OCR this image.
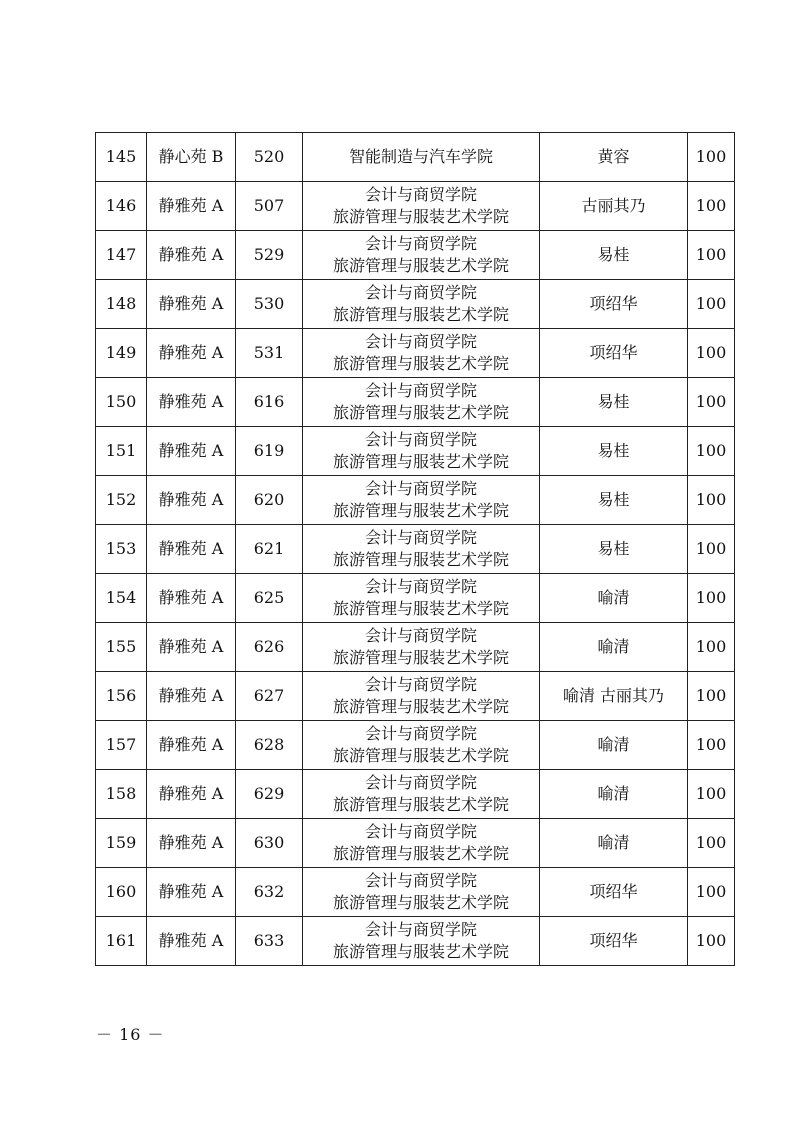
145	静心苑 B	520	智能制造与汽车学院	黄容	100
146	静雅苑 A	507	会计与商贸学院
旅游管理与服装艺术学院	古丽其乃	100
147	静雅苑 A	529	会计与商贸学院
旅游管理与服装艺术学院	易桂	100
148	静雅苑 A	530	会计与商贸学院
旅游管理与服装艺术学院	项绍华	100
149	静雅苑 A	531	会计与商贸学院
旅游管理与服装艺术学院	项绍华	100
150	静雅苑 A	616	会计与商贸学院
旅游管理与服装艺术学院	易桂	100
151	静雅苑 A	619	会计与商贸学院
旅游管理与服装艺术学院	易桂	100
152	静雅苑 A	620	会计与商贸学院
旅游管理与服装艺术学院	易桂	100
153	静雅苑 A	621	会计与商贸学院
旅游管理与服装艺术学院	易桂	100
154	静雅苑 A	625	会计与商贸学院
旅游管理与服装艺术学院	喻清	100
155	静雅苑 A	626	会计与商贸学院
旅游管理与服装艺术学院	喻清	100
156	静雅苑 A	627	会计与商贸学院
旅游管理与服装艺术学院	喻清 古丽其乃	100
157	静雅苑 A	628	会计与商贸学院
旅游管理与服装艺术学院	喻清	100
158	静雅苑 A	629	会计与商贸学院
旅游管理与服装艺术学院	喻清	100
159	静雅苑 A	630	会计与商贸学院
旅游管理与服装艺术学院	喻清	100
160	静雅苑 A	632	会计与商贸学院
旅游管理与服装艺术学院	项绍华	100
161	静雅苑 A	633	会计与商贸学院
旅游管理与服装艺术学院	项绍华	100
－ 16 －
